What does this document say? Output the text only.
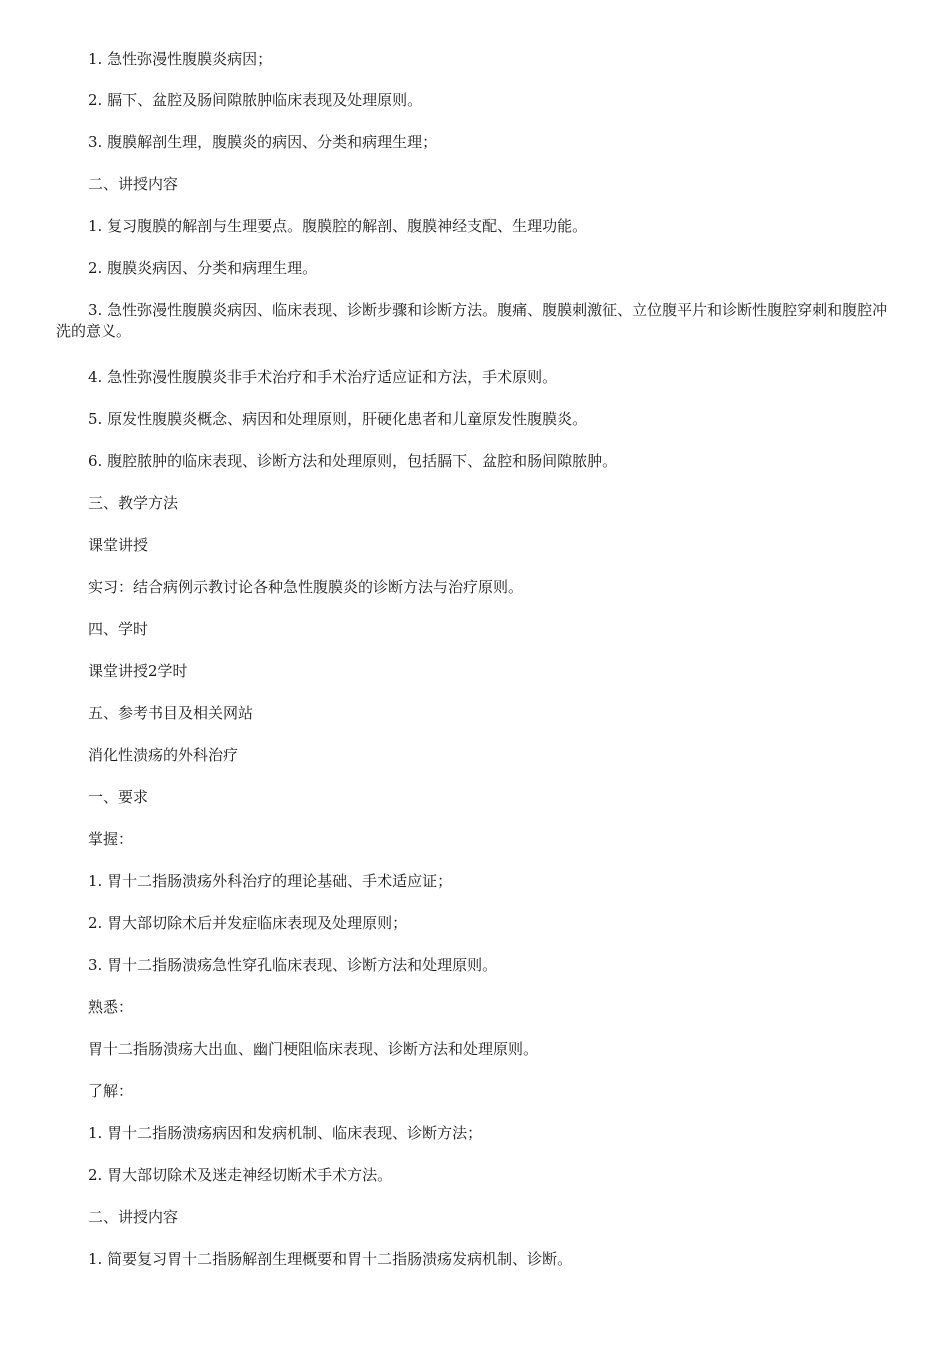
1. 急性弥漫性腹膜炎病因；

2. 膈下、盆腔及肠间隙脓肿临床表现及处理原则。

3. 腹膜解剖生理，腹膜炎的病因、分类和病理生理；

二、讲授内容

1. 复习腹膜的解剖与生理要点。腹膜腔的解剖、腹膜神经支配、生理功能。

2. 腹膜炎病因、分类和病理生理。

3. 急性弥漫性腹膜炎病因、临床表现、诊断步骤和诊断方法。腹痛、腹膜刺激征、立位腹平片和诊断性腹腔穿刺和腹腔冲洗的意义。

4. 急性弥漫性腹膜炎非手术治疗和手术治疗适应证和方法，手术原则。

5. 原发性腹膜炎概念、病因和处理原则，肝硬化患者和儿童原发性腹膜炎。

6. 腹腔脓肿的临床表现、诊断方法和处理原则，包括膈下、盆腔和肠间隙脓肿。

三、教学方法

课堂讲授

实习：结合病例示教讨论各种急性腹膜炎的诊断方法与治疗原则。

四、学时

课堂讲授2学时

五、参考书目及相关网站

消化性溃疡的外科治疗

一、要求

掌握：

1. 胃十二指肠溃疡外科治疗的理论基础、手术适应证；

2. 胃大部切除术后并发症临床表现及处理原则；

3. 胃十二指肠溃疡急性穿孔临床表现、诊断方法和处理原则。

熟悉：

胃十二指肠溃疡大出血、幽门梗阻临床表现、诊断方法和处理原则。

了解：

1. 胃十二指肠溃疡病因和发病机制、临床表现、诊断方法；

2. 胃大部切除术及迷走神经切断术手术方法。

二、讲授内容

1. 简要复习胃十二指肠解剖生理概要和胃十二指肠溃疡发病机制、诊断。
